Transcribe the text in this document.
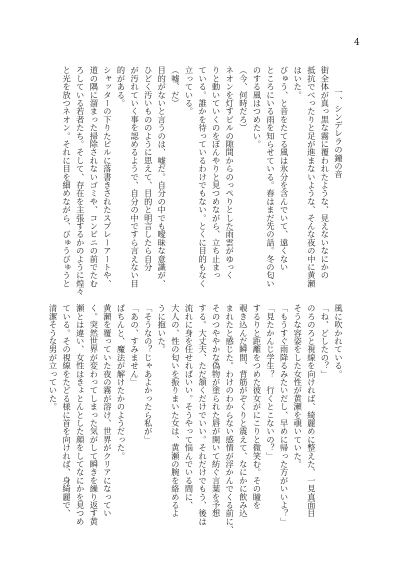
4
一、シンデレラの鐘の音
街全体が真っ黒な霧に覆われたような、見えないなにかの
抵抗でべったりと足が進まないような、そんな夜の中に黄瀬
はいた。
びゅう、と音をたてる風は氷分を含んでいて、遠くない
ところにいる雨を知らせている。春はまだ先の話。冬の匂い
のする風はつめたい。
（今、何時だろ）
ネオンを灯すビルの隙間からのっぺりとした雨雲がゆっく
りと動いていくのをぼんやりと見つめながら、立ち止まっ
ている。誰かを待っているわけでもない。とくに目的もなく
立っている。
（嘘、だ）
目的がないと言うのは、嘘だ。自分の中でも曖昧な意識が、
ひどく汚いもののように思えて、目的と明言したら自分
が汚れていく事を認めるようで、自分の中ですら言えない目
的がある。
シャッターの下りたビルに落書きされたスプレーアートや、
道の隅に溜まった掃除されないゴミや、コンビニの前でたむ
ろしている若者たち。そして、存在を主張するかのように煌々
と光を放つネオン。それに目を細めながら、びゅうびゅうと
風に吹かれている。
「ね、どしたの？」
のろのろと視線を向ければ、綺麗めに整えた、一見真面目
そうな容姿をした女性が黄瀬を覗いていた。
「もうすぐ雨降るみたいだし、早めに帰った方がいいよ？」
「見たかんじ学生？　行くとこないの？」
するりと距離をつめた彼女がにこりと微笑む。その瞳を
覗き込んだ瞬間、背筋がぞくりと震えて、なにかに飲み込
まれたと感じた。わけのわからない感情が浮かんでくる前に、
そのつややかな偽物が塗られた唇が開いて紡ぐ言葉を予想
する。大丈夫、ただ頷くだけでいい。それだけでもう、後は
流れに身を任せればいい。そうやって悩んでいる間に、
大人の、性の匂いを振りまいた女は、黄瀬の腕を絡めるよ
うに抱いた。
「そうなの？じゃあよかったら私が」
「あの、すみません」
ぱちんと、魔法が解けたかのようだった。
黄瀬を覆っていた夜の霧が溶け、世界がクリアになってい
く。突然世界が変わってしまった気がして瞬きを繰り返す黄
瀬とは違い、女性はきょとんとした顔をしてなにかを見つめ
ている。その視線をたどる様に首を向ければ、身綺麗で、
清潔そうな男が立っていた。
